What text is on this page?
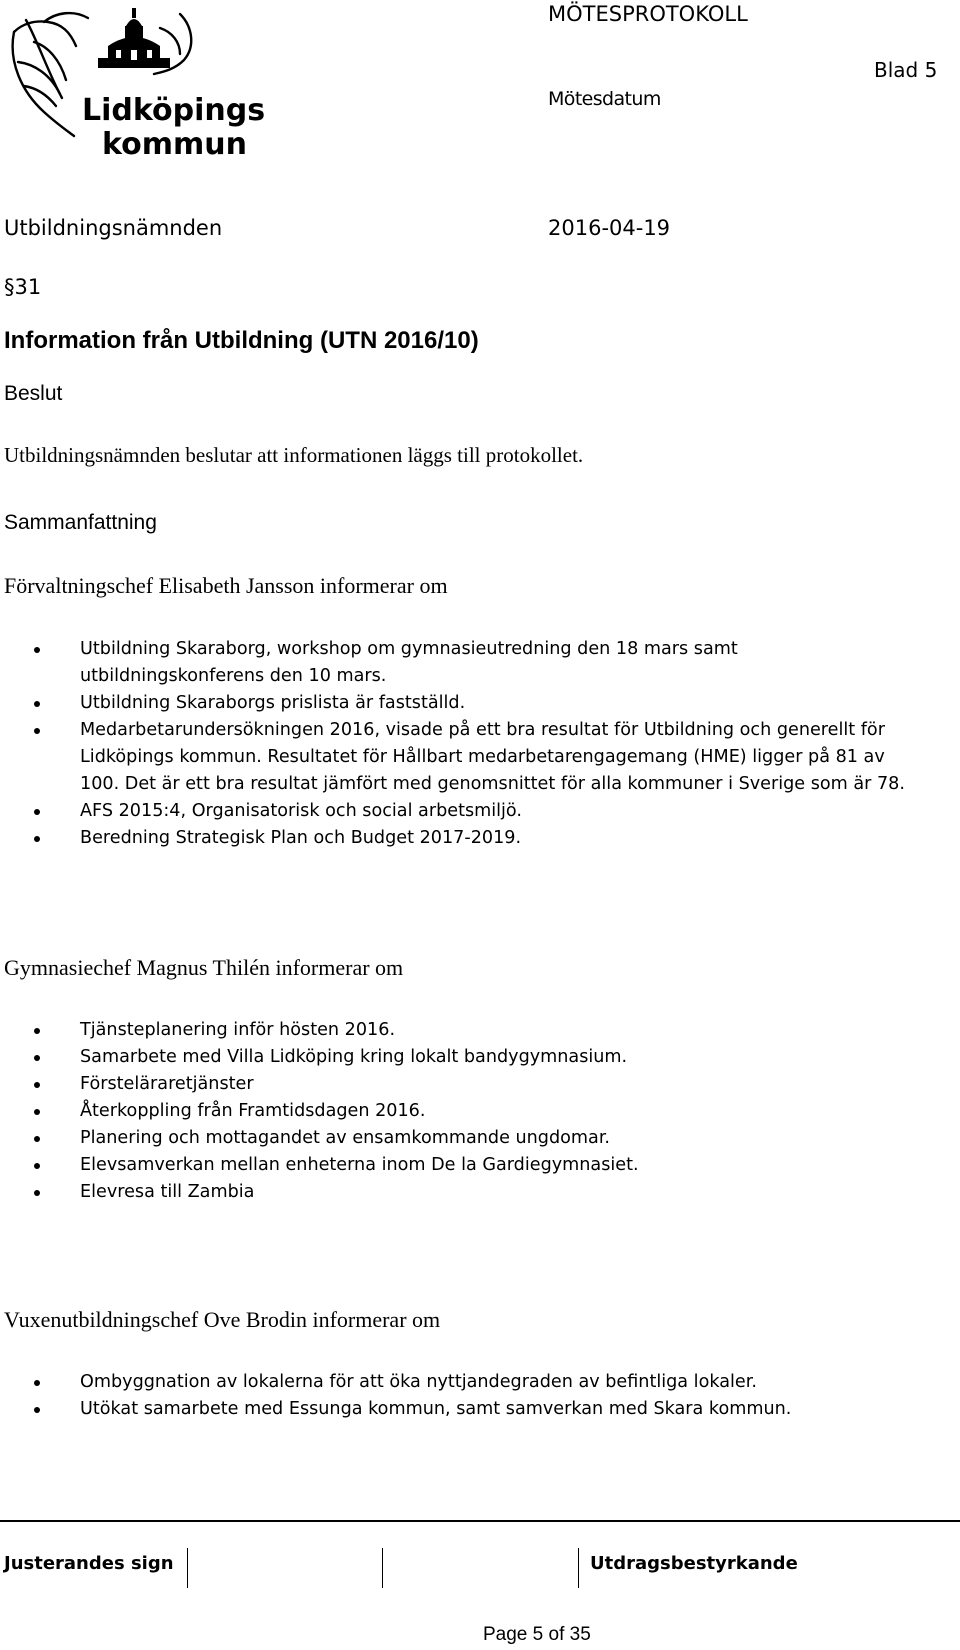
Lidköpings
kommun
MÖTESPROTOKOLL
Blad 5
Mötesdatum
Utbildningsnämnden	2016-04-19
§31
Information från Utbildning (UTN 2016/10)
Beslut
Utbildningsnämnden beslutar att informationen läggs till protokollet.
Sammanfattning
Förvaltningschef Elisabeth Jansson informerar om
Utbildning Skaraborg, workshop om gymnasieutredning den 18 mars samt
utbildningskonferens den 10 mars.
Utbildning Skaraborgs prislista är fastställd.
Medarbetarundersökningen 2016, visade på ett bra resultat för Utbildning och generellt för
Lidköpings kommun. Resultatet för Hållbart medarbetarengagemang (HME) ligger på 81 av
100. Det är ett bra resultat jämfört med genomsnittet för alla kommuner i Sverige som är 78.
AFS 2015:4, Organisatorisk och social arbetsmiljö.
Beredning Strategisk Plan och Budget 2017-2019.
Gymnasiechef Magnus Thilén informerar om
Tjänsteplanering inför hösten 2016.
Samarbete med Villa Lidköping kring lokalt bandygymnasium.
Försteläraretjänster
Återkoppling från Framtidsdagen 2016.
Planering och mottagandet av ensamkommande ungdomar.
Elevsamverkan mellan enheterna inom De la Gardiegymnasiet.
Elevresa till Zambia
Vuxenutbildningschef Ove Brodin informerar om
Ombyggnation av lokalerna för att öka nyttjandegraden av befintliga lokaler.
Utökat samarbete med Essunga kommun, samt samverkan med Skara kommun.
Justerandes sign	Utdragsbestyrkande
Page 5 of 35
